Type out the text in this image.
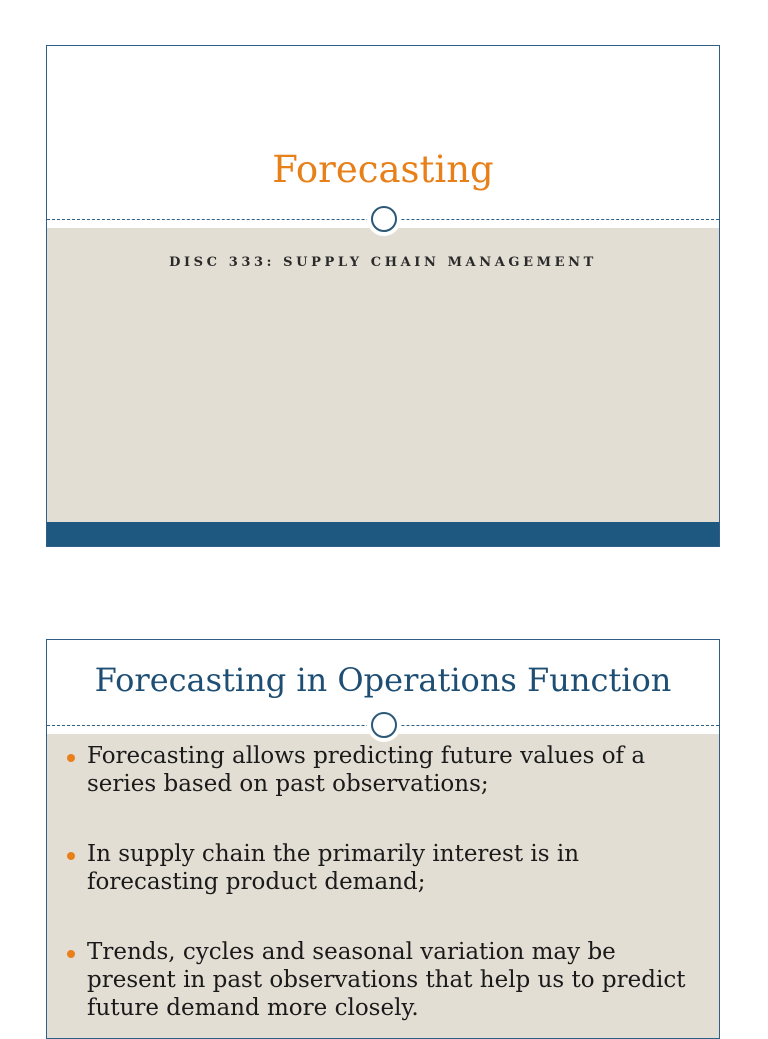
Forecasting
DISC 333: SUPPLY CHAIN MANAGEMENT
Forecasting in Operations Function
Forecasting allows predicting future values of a series based on past observations;
In supply chain the primarily interest is in forecasting product demand;
Trends, cycles and seasonal variation may be present in past observations that help us to predict future demand more closely.
